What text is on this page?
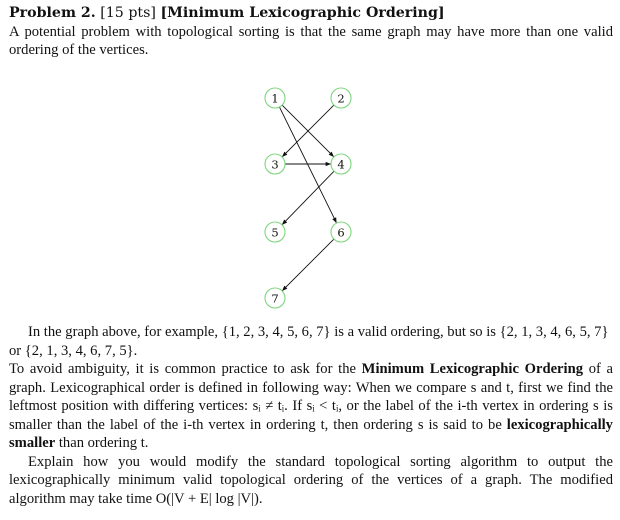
Problem 2. [15 pts] [Minimum Lexicographic Ordering]
A potential problem with topological sorting is that the same graph may have more than one valid ordering of the vertices.
1	2
3	4
5	6
7

In the graph above, for example, {1, 2, 3, 4, 5, 6, 7} is a valid ordering, but so is {2, 1, 3, 4, 6, 5, 7}

or {2, 1, 3, 4, 6, 7, 5}.

To avoid ambiguity, it is common practice to ask for the Minimum Lexicographic Ordering of a graph. Lexicographical order is defined in following way: When we compare s and t, first we find the leftmost position with differing vertices: sᵢ ≠ tᵢ. If sᵢ < tᵢ, or the label of the i-th vertex in ordering s is smaller than the label of the i-th vertex in ordering t, then ordering s is said to be lexicographically smaller than ordering t.

Explain how you would modify the standard topological sorting algorithm to output the lexicographically minimum valid topological ordering of the vertices of a graph. The modified algorithm may take time O(|V + E| log |V|).
